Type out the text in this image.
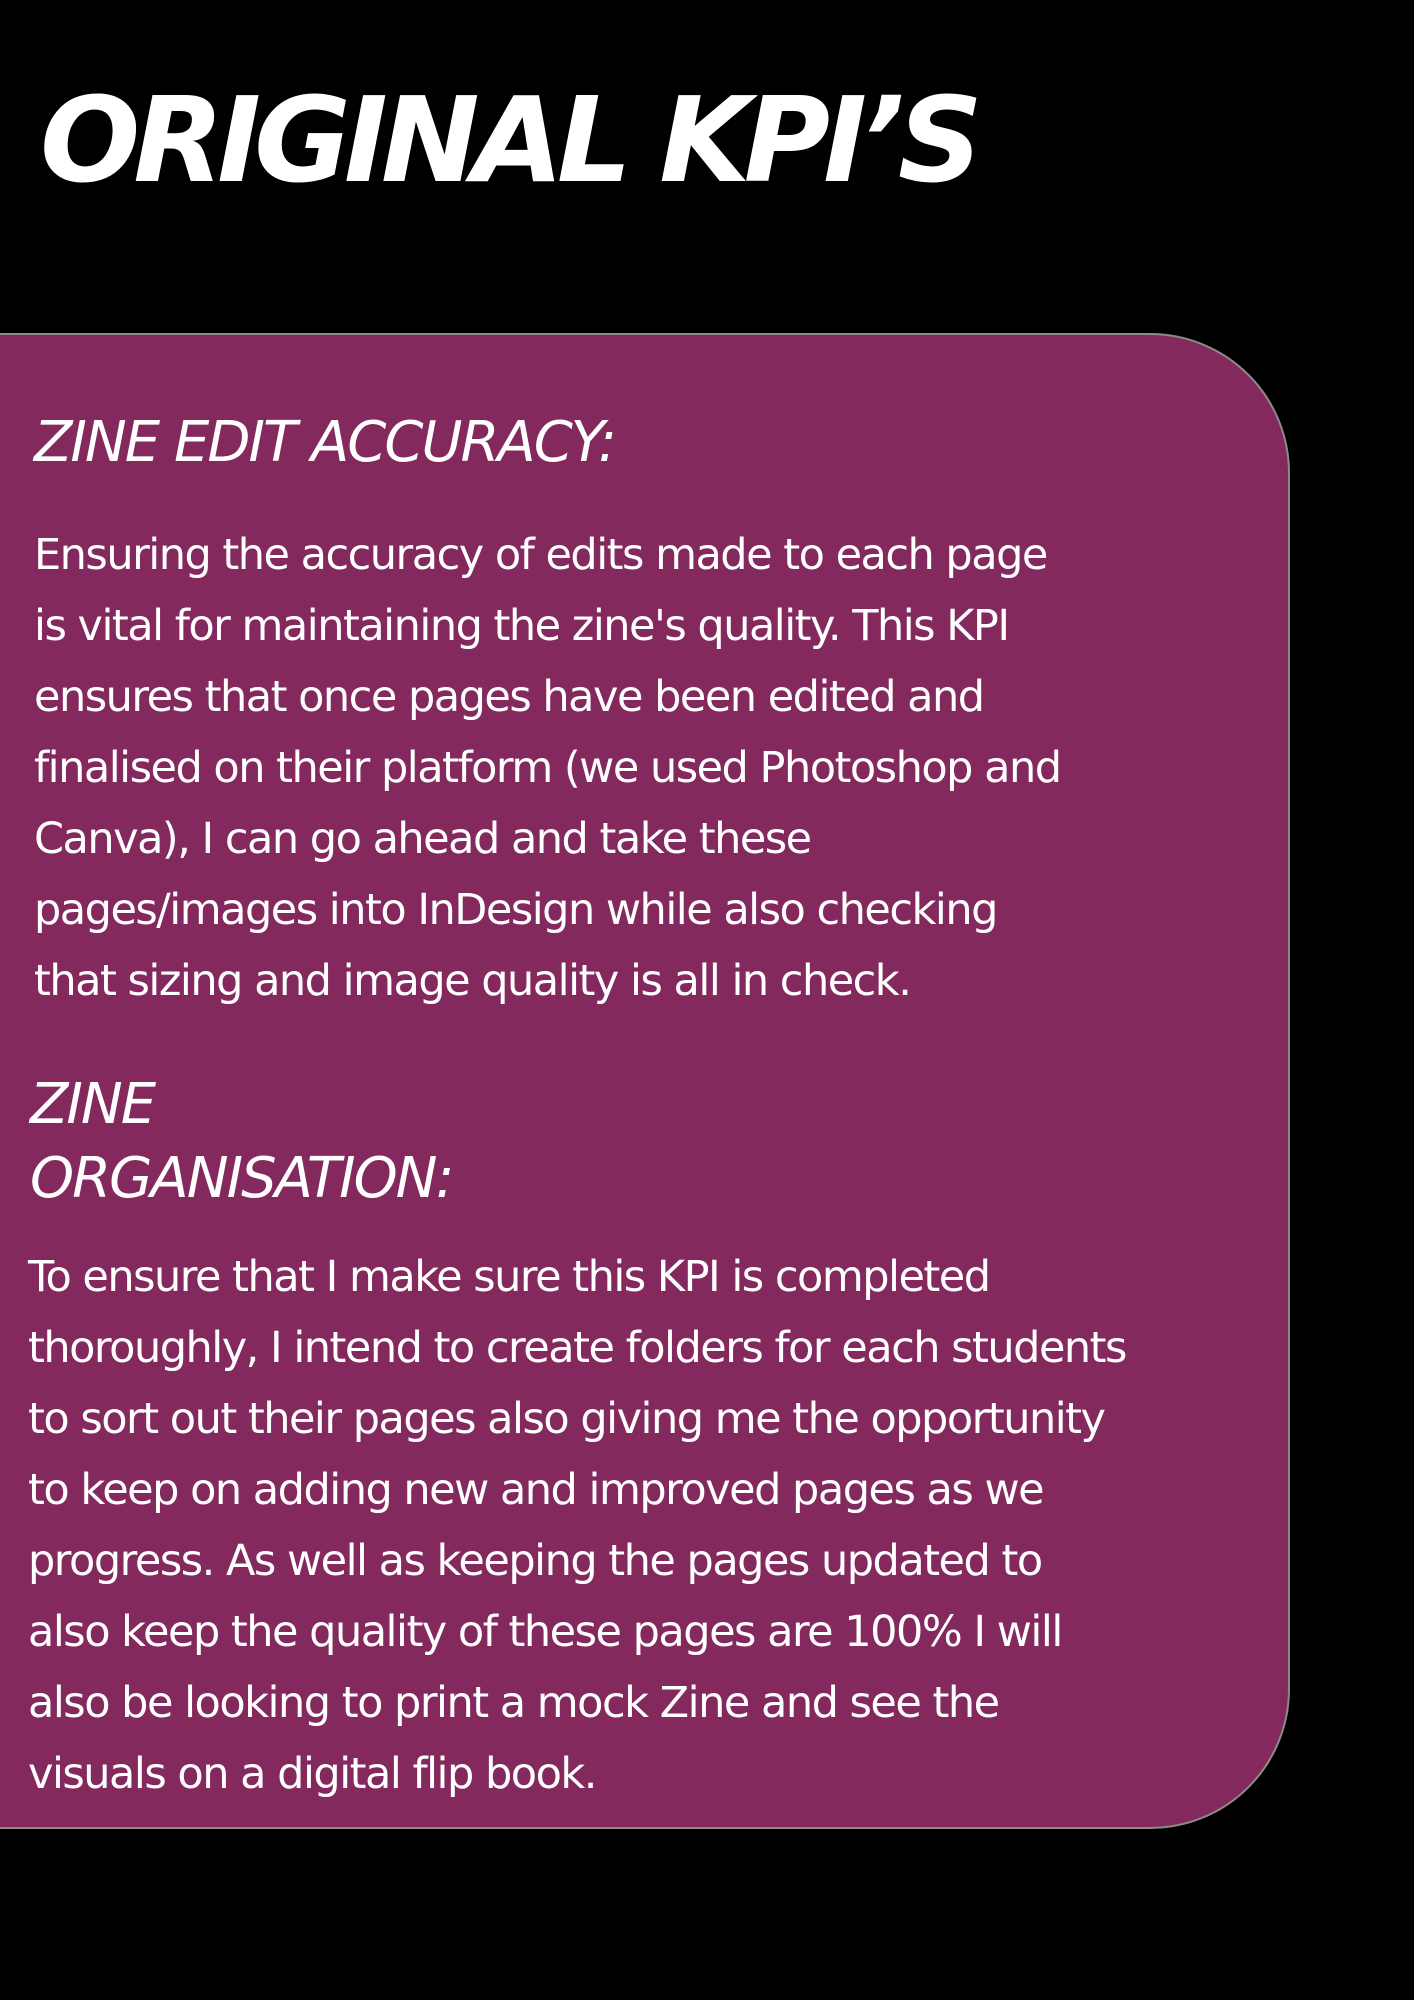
ORIGINAL KPI’S
ZINE EDIT ACCURACY:

Ensuring the accuracy of edits made to each page
is vital for maintaining the zine's quality. This KPI
ensures that once pages have been edited and
finalised on their platform (we used Photoshop and
Canva), I can go ahead and take these
pages/images into InDesign while also checking
that sizing and image quality is all in check.

ZINE
ORGANISATION:

To ensure that I make sure this KPI is completed
thoroughly, I intend to create folders for each students
to sort out their pages also giving me the opportunity
to keep on adding new and improved pages as we
progress. As well as keeping the pages updated to
also keep the quality of these pages are 100% I will
also be looking to print a mock Zine and see the
visuals on a digital flip book.
